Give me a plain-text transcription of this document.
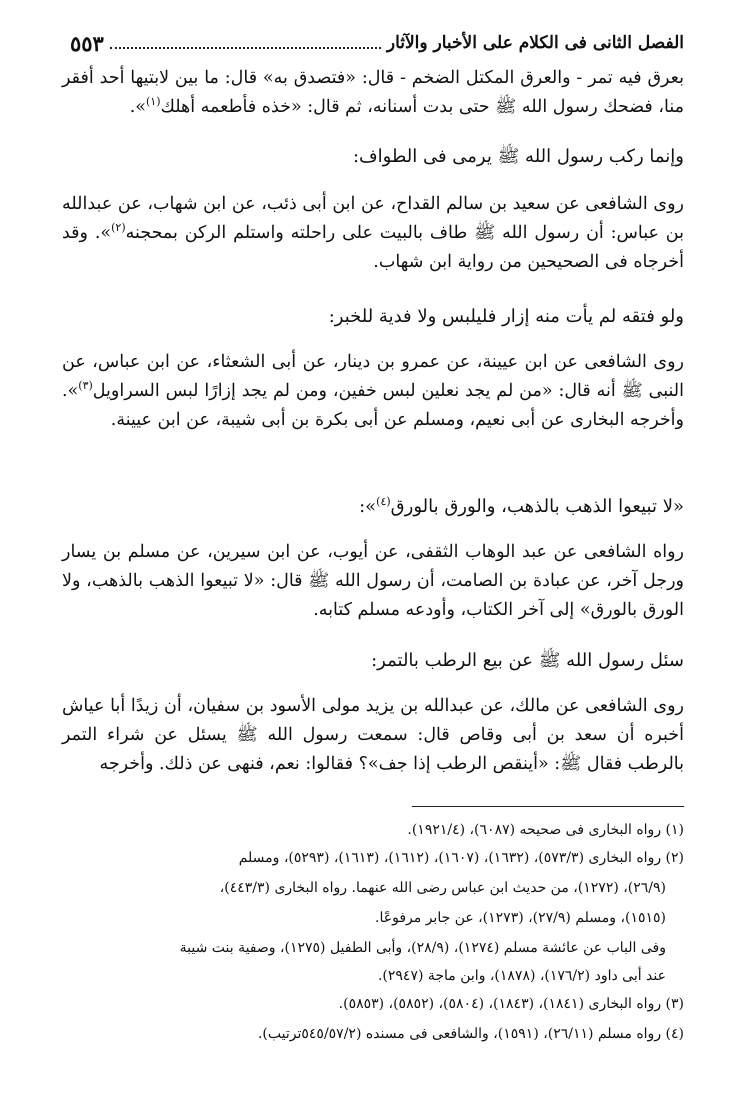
الفصل الثانى فى الكلام على الأخبار والآثار
٥٥٣
بعرق فيه تمر - والعرق المكتل الضخم - قال: «فتصدق به» قال: ما بين لابتيها أحد أفقر منا، فضحك رسول الله ﷺ حتى بدت أسنانه، ثم قال: «خذه فأطعمه أهلك$^{(١)}$».
وإنما ركب رسول الله ﷺ يرمى فى الطواف:
روى الشافعى عن سعيد بن سالم القداح، عن ابن أبى ذئب، عن ابن شهاب، عن عبدالله بن عباس: أن رسول الله ﷺ طاف بالبيت على راحلته واستلم الركن بمحجنه$^{(٢)}$». وقد أخرجاه فى الصحيحين من رواية ابن شهاب.
ولو فتقه لم يأت منه إزار فليلبس ولا فدية للخبر:
روى الشافعى عن ابن عيينة، عن عمرو بن دينار، عن أبى الشعثاء، عن ابن عباس، عن النبى ﷺ أنه قال: «من لم يجد نعلين لبس خفين، ومن لم يجد إزارًا لبس السراويل$^{(٣)}$». وأخرجه البخارى عن أبى نعيم، ومسلم عن أبى بكرة بن أبى شيبة، عن ابن عيينة.
«لا تبيعوا الذهب بالذهب، والورق بالورق$^{(٤)}$»:
رواه الشافعى عن عبد الوهاب الثقفى، عن أيوب، عن ابن سيرين، عن مسلم بن يسار ورجل آخر، عن عبادة بن الصامت، أن رسول الله ﷺ قال: «لا تبيعوا الذهب بالذهب، ولا الورق بالورق» إلى آخر الكتاب، وأودعه مسلم كتابه.
سئل رسول الله ﷺ عن بيع الرطب بالتمر:
روى الشافعى عن مالك، عن عبدالله بن يزيد مولى الأسود بن سفيان، أن زيدًا أبا عياش أخبره أن سعد بن أبى وقاص قال: سمعت رسول الله ﷺ يسئل عن شراء التمر بالرطب فقال ﷺ: «أينقص الرطب إذا جف»؟ فقالوا: نعم، فنهى عن ذلك. وأخرجه
(١) رواه البخارى فى صحيحه (٦٠٨٧)، (١٩٢١/٤).
(٢) رواه البخارى (٥٧٣/٣)، (١٦٣٢)، (١٦٠٧)، (١٦١٢)، (١٦١٣)، (٥٢٩٣)، ومسلم
(٢٦/٩)، (١٢٧٢)، من حديث ابن عباس رضى الله عنهما. رواه البخارى (٤٤٣/٣)،
(١٥١٥)، ومسلم (٢٧/٩)، (١٢٧٣)، عن جابر مرفوعًا.
وفى الباب عن عائشة مسلم (١٢٧٤)، (٢٨/٩)، وأبى الطفيل (١٢٧٥)، وصفية بنت شيبة
عند أبى داود (١٧٦/٢)، (١٨٧٨)، وابن ماجة (٢٩٤٧).
(٣) رواه البخارى (١٨٤١)، (١٨٤٣)، (٥٨٠٤)، (٥٨٥٢)، (٥٨٥٣).
(٤) رواه مسلم (٢٦/١١)، (١٥٩١)، والشافعى فى مسنده (٥٤٥/٥٧/٢ترتيب).
